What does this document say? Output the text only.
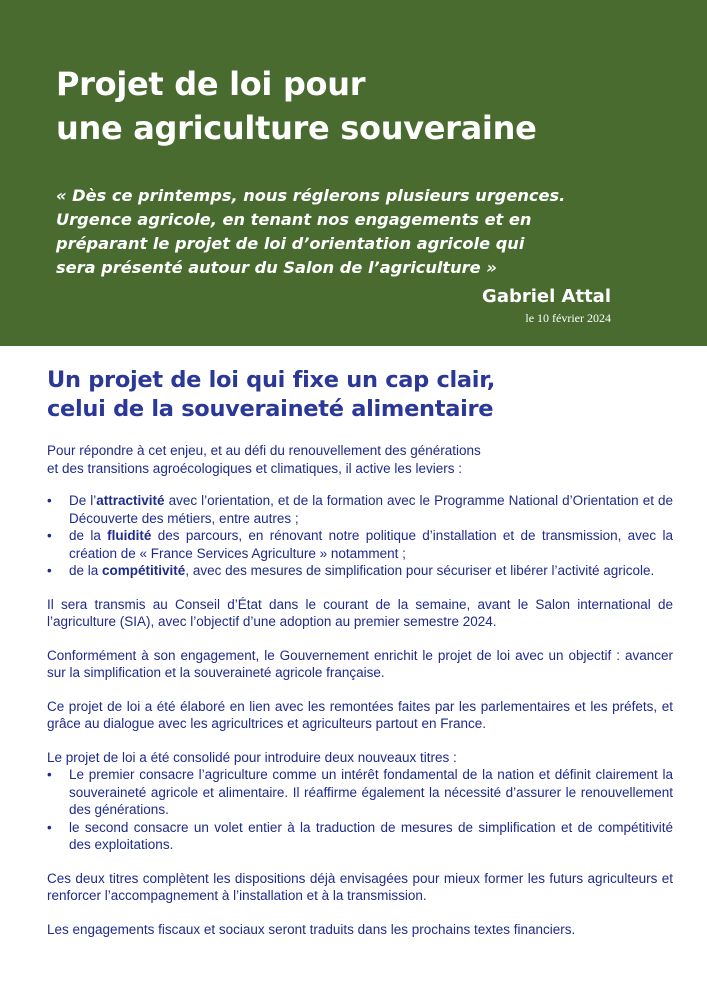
Projet de loi pour
une agriculture souveraine

« Dès ce printemps, nous réglerons plusieurs urgences.
Urgence agricole, en tenant nos engagements et en
préparant le projet de loi d’orientation agricole qui
sera présenté autour du Salon de l’agriculture »

Gabriel Attal

le 10 février 2024

Un projet de loi qui fixe un cap clair,
celui de la souveraineté alimentaire

Pour répondre à cet enjeu, et au défi du renouvellement des générations
et des transitions agroécologiques et climatiques, il active les leviers :

• De l’attractivité avec l’orientation, et de la formation avec le Programme National d’Orientation et de Découverte des métiers, entre autres ;
• de la fluidité des parcours, en rénovant notre politique d’installation et de transmission, avec la création de « France Services Agriculture » notamment ;
• de la compétitivité, avec des mesures de simplification pour sécuriser et libérer l’activité agricole.

Il sera transmis au Conseil d’État dans le courant de la semaine, avant le Salon international de l’agriculture (SIA), avec l’objectif d’une adoption au premier semestre 2024.

Conformément à son engagement, le Gouvernement enrichit le projet de loi avec un objectif : avancer sur la simplification et la souveraineté agricole française.

Ce projet de loi a été élaboré en lien avec les remontées faites par les parlementaires et les préfets, et grâce au dialogue avec les agricultrices et agriculteurs partout en France.

Le projet de loi a été consolidé pour introduire deux nouveaux titres :

• Le premier consacre l’agriculture comme un intérêt fondamental de la nation et définit clairement la souveraineté agricole et alimentaire. Il réaffirme également la nécessité d’assurer le renouvellement des générations.
• le second consacre un volet entier à la traduction de mesures de simplification et de compétitivité des exploitations.

Ces deux titres complètent les dispositions déjà envisagées pour mieux former les futurs agriculteurs et renforcer l’accompagnement à l’installation et à la transmission.

Les engagements fiscaux et sociaux seront traduits dans les prochains textes financiers.
